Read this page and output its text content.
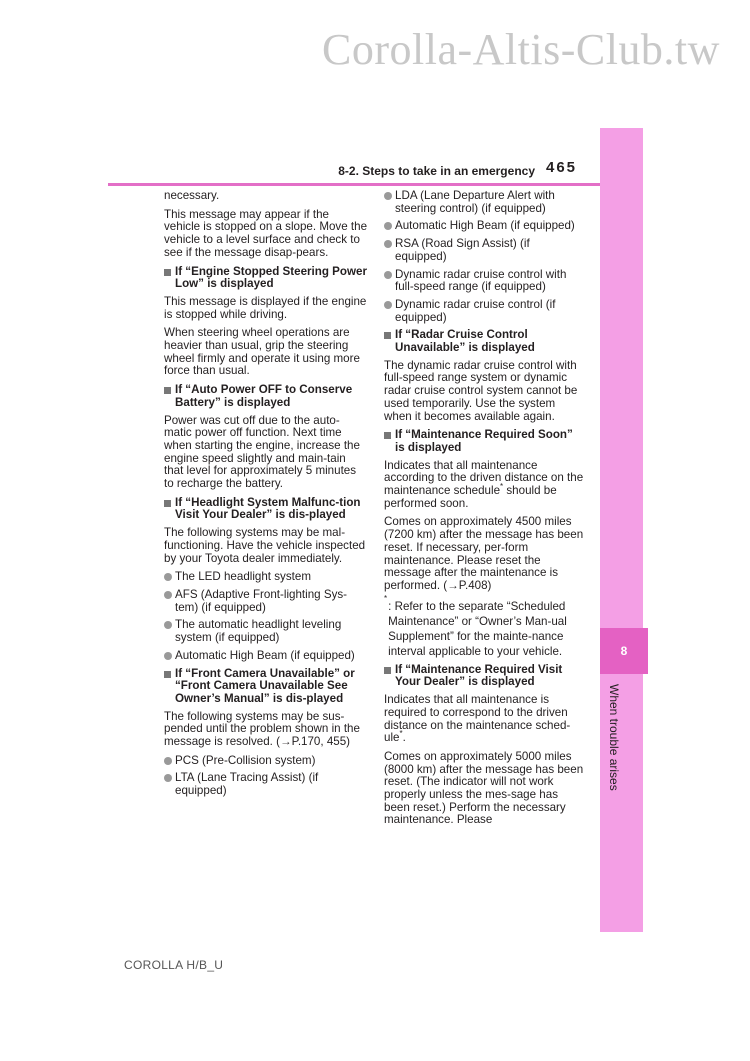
Corolla-Altis-Club.tw
8-2. Steps to take in an emergency 465
8
When trouble arises

necessary.

This message may appear if the vehicle is stopped on a slope. Move the vehicle to a level surface and check to see if the message disap-pears.

If “Engine Stopped Steering Power Low” is displayed

This message is displayed if the engine is stopped while driving.

When steering wheel operations are heavier than usual, grip the steering wheel firmly and operate it using more force than usual.

If “Auto Power OFF to Conserve Battery” is displayed

Power was cut off due to the auto-matic power off function. Next time when starting the engine, increase the engine speed slightly and main-tain that level for approximately 5 minutes to recharge the battery.

If “Headlight System Malfunc-tion Visit Your Dealer” is dis-played

The following systems may be mal-functioning. Have the vehicle inspected by your Toyota dealer immediately.

The LED headlight system
AFS (Adaptive Front-lighting Sys-tem) (if equipped)
The automatic headlight leveling system (if equipped)
Automatic High Beam (if equipped)
If “Front Camera Unavailable” or “Front Camera Unavailable See Owner’s Manual” is dis-played

The following systems may be sus-pended until the problem shown in the message is resolved. (→P.170, 455)

PCS (Pre-Collision system)
LTA (Lane Tracing Assist) (if equipped)
LDA (Lane Departure Alert with steering control) (if equipped)
Automatic High Beam (if equipped)
RSA (Road Sign Assist) (if equipped)
Dynamic radar cruise control with full-speed range (if equipped)
Dynamic radar cruise control (if equipped)
If “Radar Cruise Control Unavailable” is displayed

The dynamic radar cruise control with full-speed range system or dynamic radar cruise control system cannot be used temporarily. Use the system when it becomes available again.

If “Maintenance Required Soon” is displayed

Indicates that all maintenance according to the driven distance on the maintenance schedule* should be performed soon.

Comes on approximately 4500 miles (7200 km) after the message has been reset. If necessary, per-form maintenance. Please reset the message after the maintenance is performed. (→P.408)

*
: Refer to the separate “Scheduled Maintenance” or “Owner’s Man-ual Supplement” for the mainte-nance interval applicable to your vehicle.
If “Maintenance Required Visit Your Dealer” is displayed

Indicates that all maintenance is required to correspond to the driven distance on the maintenance sched-ule*.

Comes on approximately 5000 miles (8000 km) after the message has been reset. (The indicator will not work properly unless the mes-sage has been reset.) Perform the necessary maintenance. Please

COROLLA H/B_U
